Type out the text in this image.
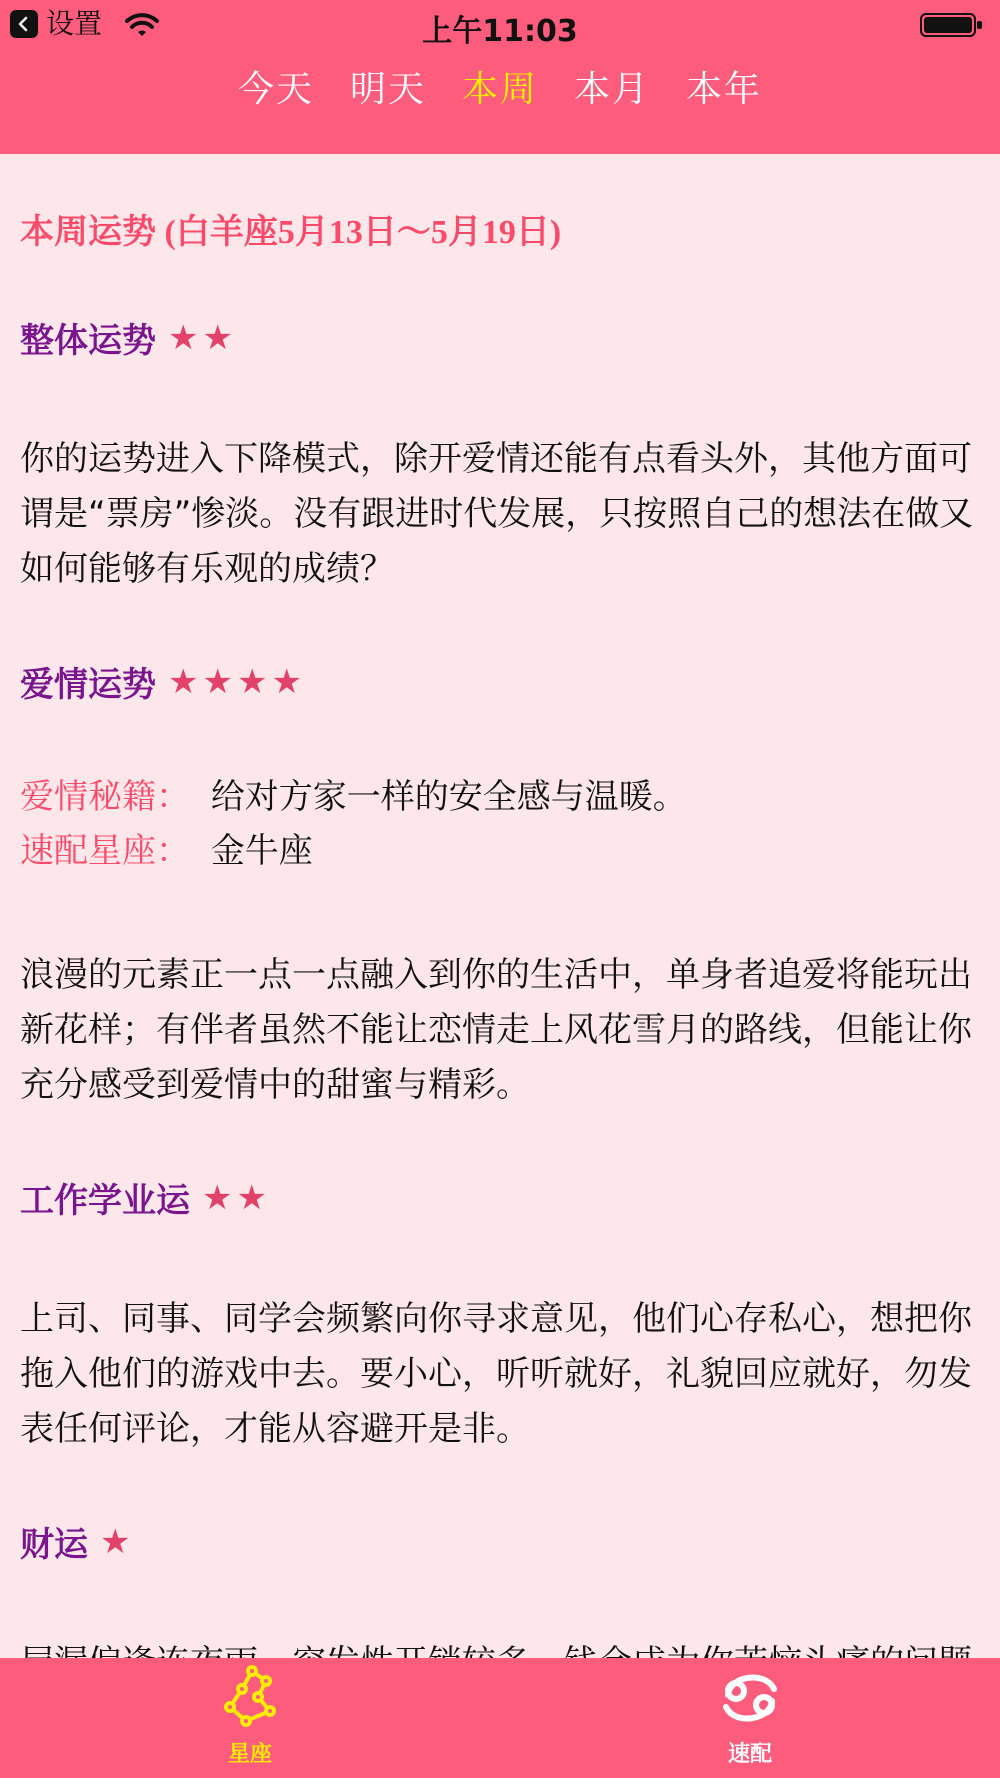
设置	上午11:03
今天 明天 本周 本月 本年
本周运势 (白羊座5月13日～5月19日)
整体运势 ★★
你的运势进入下降模式，除开爱情还能有点看头外，其他方面可谓是“票房”惨淡。没有跟进时代发展，只按照自己的想法在做又如何能够有乐观的成绩？
爱情运势 ★★★★
爱情秘籍： 给对方家一样的安全感与温暖。
速配星座： 金牛座
浪漫的元素正一点一点融入到你的生活中，单身者追爱将能玩出新花样；有伴者虽然不能让恋情走上风花雪月的路线，但能让你充分感受到爱情中的甜蜜与精彩。
工作学业运 ★★
上司、同事、同学会频繁向你寻求意见，他们心存私心，想把你拖入他们的游戏中去。要小心，听听就好，礼貌回应就好，勿发表任何评论，才能从容避开是非。
财运 ★
星座	速配
